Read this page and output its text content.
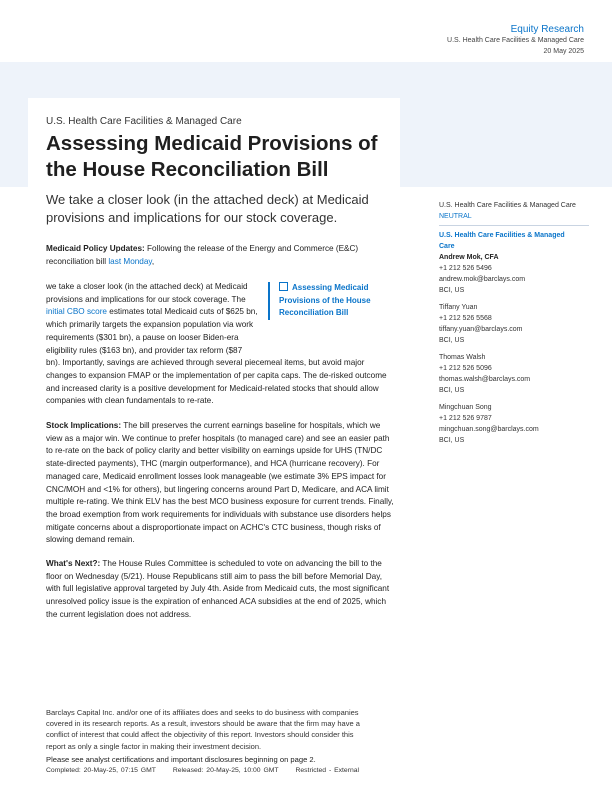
Equity Research
U.S. Health Care Facilities & Managed Care
20 May 2025
U.S. Health Care Facilities & Managed Care
Assessing Medicaid Provisions of
the House Reconciliation Bill
We take a closer look (in the attached deck) at Medicaid
provisions and implications for our stock coverage.
Medicaid Policy Updates: Following the release of the Energy and Commerce (E&C)
reconciliation bill last Monday,
we take a closer look (in the attached deck) at Medicaid
provisions and implications for our stock coverage. The
initial CBO score estimates total Medicaid cuts of $625 bn,
which primarily targets the expansion population via work
requirements ($301 bn), a pause on looser Biden-era
eligibility rules ($163 bn), and provider tax reform ($87
bn). Importantly, savings are achieved through several piecemeal items, but avoid major
changes to expansion FMAP or the implementation of per capita caps. The de-risked outcome
and increased clarity is a positive development for Medicaid-related stocks that should allow
companies with clean fundamentals to re-rate.
Assessing Medicaid
Provisions of the House
Reconciliation Bill
Stock Implications: The bill preserves the current earnings baseline for hospitals, which we
view as a major win. We continue to prefer hospitals (to managed care) and see an easier path
to re-rate on the back of policy clarity and better visibility on earnings upside for UHS (TN/DC
state-directed payments), THC (margin outperformance), and HCA (hurricane recovery). For
managed care, Medicaid enrollment losses look manageable (we estimate 3% EPS impact for
CNC/MOH and <1% for others), but lingering concerns around Part D, Medicare, and ACA limit
multiple re-rating. We think ELV has the best MCO business exposure for current trends. Finally,
the broad exemption from work requirements for individuals with substance use disorders helps
mitigate concerns about a disproportionate impact on ACHC's CTC business, though risks of
slowing demand remain.
What's Next?: The House Rules Committee is scheduled to vote on advancing the bill to the
floor on Wednesday (5/21). House Republicans still aim to pass the bill before Memorial Day,
with full legislative approval targeted by July 4th. Aside from Medicaid cuts, the most significant
unresolved policy issue is the expiration of enhanced ACA subsidies at the end of 2025, which
the current legislation does not address.
U.S. Health Care Facilities & Managed Care
NEUTRAL
U.S. Health Care Facilities & Managed
Care
Andrew Mok, CFA
+1 212 526 5496
andrew.mok@barclays.com
BCI, US
Tiffany Yuan
+1 212 526 5568
tiffany.yuan@barclays.com
BCI, US
Thomas Walsh
+1 212 526 5096
thomas.walsh@barclays.com
BCI, US
Mingchuan Song
+1 212 526 9787
mingchuan.song@barclays.com
BCI, US
Barclays Capital Inc. and/or one of its affiliates does and seeks to do business with companies
covered in its research reports. As a result, investors should be aware that the firm may have a
conflict of interest that could affect the objectivity of this report. Investors should consider this
report as only a single factor in making their investment decision.
Please see analyst certifications and important disclosures beginning on page 2.
Completed: 20-May-25, 07:15 GMT Released: 20-May-25, 10:00 GMT Restricted - External
